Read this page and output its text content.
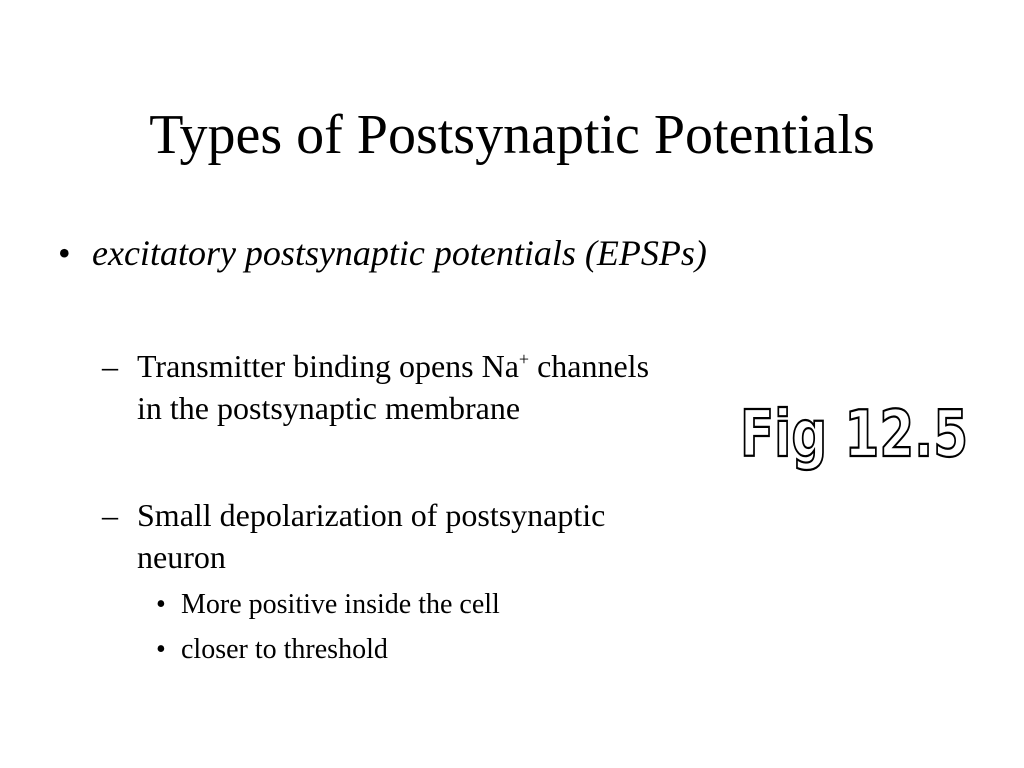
Types of Postsynaptic Potentials
• excitatory postsynaptic potentials (EPSPs)
– Transmitter binding opens Na+ channels in the postsynaptic membrane
– Small depolarization of postsynaptic neuron
• More positive inside the cell
• closer to threshold
Fig 12.5
